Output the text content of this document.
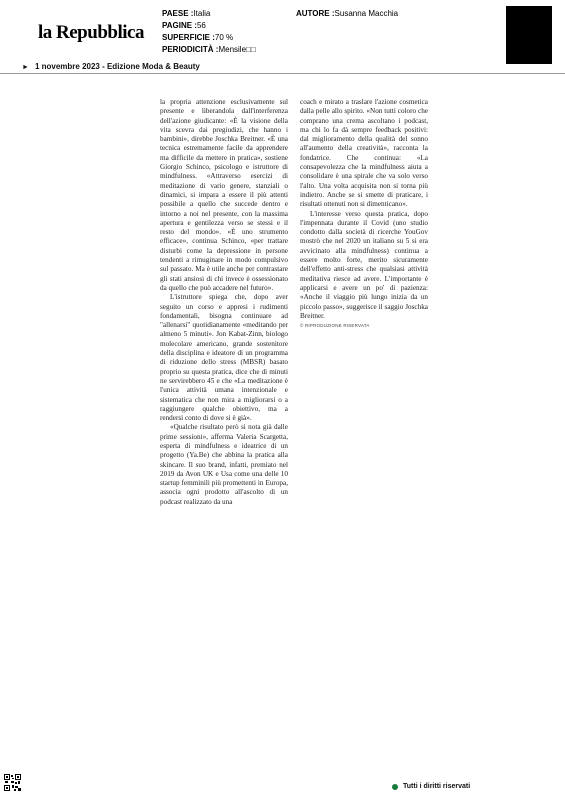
la Repubblica
PAESE :Italia
PAGINE :56
SUPERFICIE :70 %
PERIODICITÀ :Mensile□□
AUTORE :Susanna Macchia
► 1 novembre 2023 - Edizione Moda & Beauty

la propria attenzione esclusivamente sul presente e liberandola dall'interferenza dell'azione giudicante: «È la visione della vita scevra dai pregiudizi, che hanno i bambini», direbbe Joschka Breitner. «È una tecnica estremamente facile da apprendere ma difficile da mettere in pratica», sostiene Giorgio Schinco, psicologo e istruttore di mindfulness. «Attraverso esercizi di meditazione di vario genere, stanziali o dinamici, si impara a essere il più attenti possibile a quello che succede dentro e intorno a noi nel presente, con la massima apertura e gentilezza verso se stessi e il resto del mondo». «È uno strumento efficace», continua Schinco, «per trattare disturbi come la depressione in persone tendenti a rimuginare in modo compulsivo sul passato. Ma è utile anche per contrastare gli stati ansiosi di chi invece è ossessionato da quello che può accadere nel futuro».

L'istruttore spiega che, dopo aver seguito un corso e appresi i rudimenti fondamentali, bisogna continuare ad "allenarsi" quotidianamente «meditando per almeno 5 minuti». Jon Kabat-Zinn, biologo molecolare americano, grande sostenitore della disciplina e ideatore di un programma di riduzione dello stress (MBSR) basato proprio su questa pratica, dice che di minuti ne servirebbero 45 e che «La meditazione è l'unica attività umana intenzionale e sistematica che non mira a migliorarsi o a raggiungere qualche obiettivo, ma a rendersi conto di dove si è già».

«Qualche risultato però si nota già dalle prime sessioni», afferma Valeria Scargetta, esperta di mindfulness e ideatrice di un progetto (Ya.Be) che abbina la pratica alla skincare. Il suo brand, infatti, premiato nel 2019 da Avon UK e Usa come una delle 10 startup femminili più promettenti in Europa, associa ogni prodotto all'ascolto di un podcast realizzato da una

coach e mirato a traslare l'azione cosmetica dalla pelle allo spirito. «Non tutti coloro che comprano una crema ascoltano i podcast, ma chi lo fa dà sempre feedback positivi: dal miglioramento della qualità del sonno all'aumento della creatività», racconta la fondatrice. Che continua: «La consapevolezza che la mindfulness aiuta a consolidare è una spirale che va solo verso l'alto. Una volta acquisita non si torna più indietro. Anche se si smette di praticare, i risultati ottenuti non si dimenticano».

L'interesse verso questa pratica, dopo l'impennata durante il Covid (uno studio condotto dalla società di ricerche YouGov mostrò che nel 2020 un italiano su 5 si era avvicinato alla mindfulness) continua a essere molto forte, merito sicuramente dell'effetto anti-stress che qualsiasi attività meditativa riesce ad avere. L'importante è applicarsi e avere un po' di pazienza: «Anche il viaggio più lungo inizia da un piccolo passo», suggerisce il saggio Joschka Breitner.

© RIPRODUZIONE RISERVATA

Tutti i diritti riservati
